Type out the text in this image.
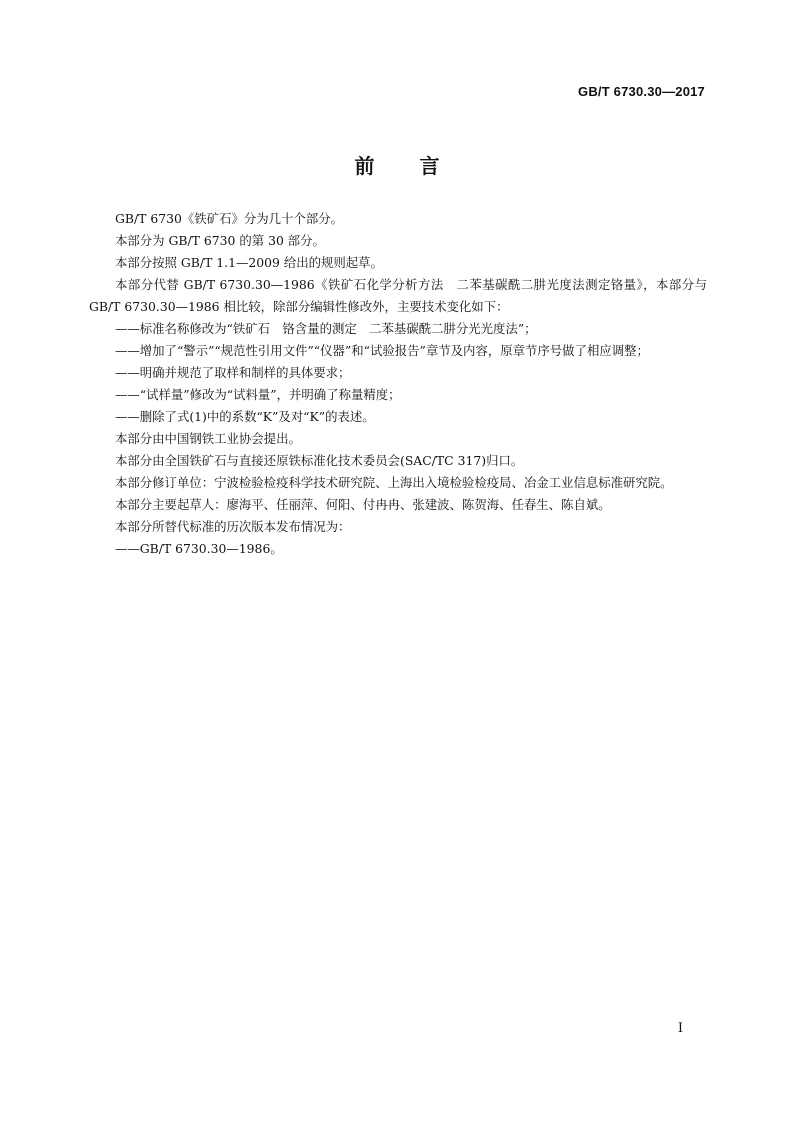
GB/T 6730.30—2017
前 言

GB/T 6730《铁矿石》分为几十个部分。

本部分为 GB/T 6730 的第 30 部分。

本部分按照 GB/T 1.1—2009 给出的规则起草。

本部分代替 GB/T 6730.30—1986《铁矿石化学分析方法　二苯基碳酰二肼光度法测定铬量》，本部分与 GB/T 6730.30—1986 相比较，除部分编辑性修改外，主要技术变化如下：

——标准名称修改为“铁矿石　铬含量的测定　二苯基碳酰二肼分光光度法”；

——增加了“警示”“规范性引用文件”“仪器”和“试验报告”章节及内容，原章节序号做了相应调整；

——明确并规范了取样和制样的具体要求；

——“试样量”修改为“试料量”，并明确了称量精度；

——删除了式(1)中的系数“K”及对“K”的表述。

本部分由中国钢铁工业协会提出。

本部分由全国铁矿石与直接还原铁标准化技术委员会(SAC/TC 317)归口。

本部分修订单位：宁波检验检疫科学技术研究院、上海出入境检验检疫局、冶金工业信息标准研究院。

本部分主要起草人：廖海平、任丽萍、何阳、付冉冉、张建波、陈贺海、任春生、陈自斌。

本部分所替代标准的历次版本发布情况为：

——GB/T 6730.30—1986。

I
